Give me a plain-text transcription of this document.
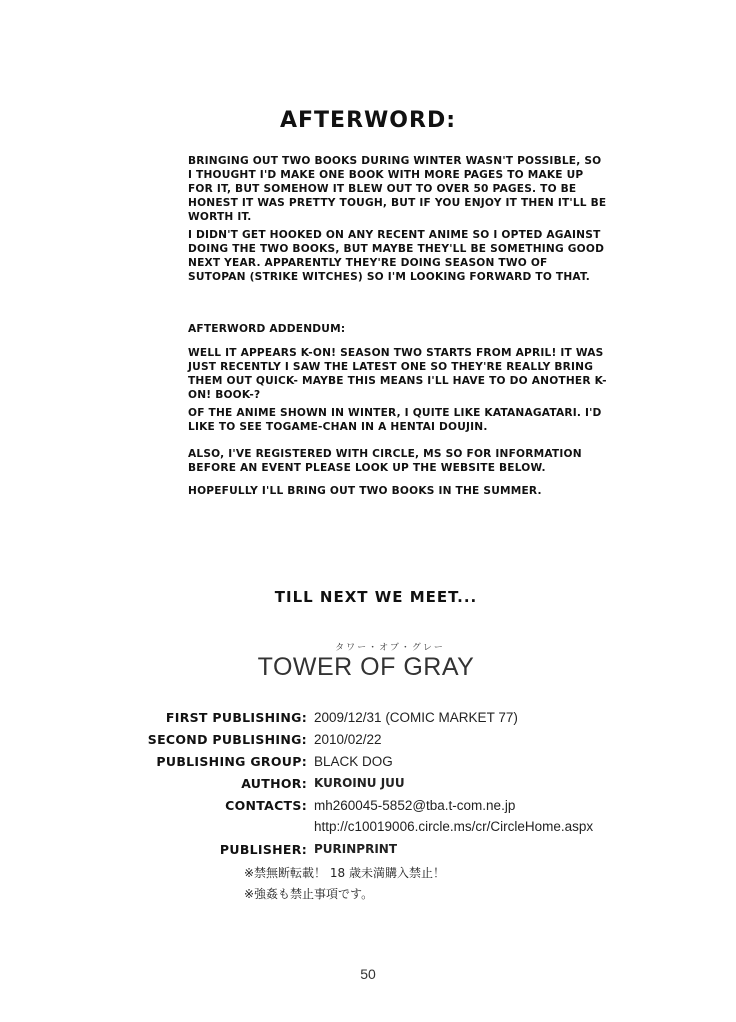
AFTERWORD:

BRINGING OUT TWO BOOKS DURING WINTER WASN'T POSSIBLE, SO I THOUGHT I'D MAKE ONE BOOK WITH MORE PAGES TO MAKE UP FOR IT, BUT SOMEHOW IT BLEW OUT TO OVER 50 PAGES. TO BE HONEST IT WAS PRETTY TOUGH, BUT IF YOU ENJOY IT THEN IT'LL BE WORTH IT.

I DIDN'T GET HOOKED ON ANY RECENT ANIME SO I OPTED AGAINST DOING THE TWO BOOKS, BUT MAYBE THEY'LL BE SOMETHING GOOD NEXT YEAR. APPARENTLY THEY'RE DOING SEASON TWO OF SUTOPAN (STRIKE WITCHES) SO I'M LOOKING FORWARD TO THAT.

AFTERWORD ADDENDUM:

WELL IT APPEARS K-ON! SEASON TWO STARTS FROM APRIL! IT WAS JUST RECENTLY I SAW THE LATEST ONE SO THEY'RE REALLY BRING THEM OUT QUICK- MAYBE THIS MEANS I'LL HAVE TO DO ANOTHER K-ON! BOOK-?

OF THE ANIME SHOWN IN WINTER, I QUITE LIKE KATANAGATARI. I'D LIKE TO SEE TOGAME-CHAN IN A HENTAI DOUJIN.

ALSO, I'VE REGISTERED WITH CIRCLE, MS SO FOR INFORMATION BEFORE AN EVENT PLEASE LOOK UP THE WEBSITE BELOW.

HOPEFULLY I'LL BRING OUT TWO BOOKS IN THE SUMMER.

TILL NEXT WE MEET...
タワー・オブ・グレー
TOWER OF GRAY
FIRST PUBLISHING: 2009/12/31 (COMIC MARKET 77)
SECOND PUBLISHING: 2010/02/22
PUBLISHING GROUP: BLACK DOG
AUTHOR: KUROINU JUU
CONTACTS: mh260045-5852@tba.t-com.ne.jp
http://c10019006.circle.ms/cr/CircleHome.aspx
PUBLISHER: PURINPRINT
※禁無断転載！ 18 歳未満購入禁止！
※強姦も禁止事項です。
50
